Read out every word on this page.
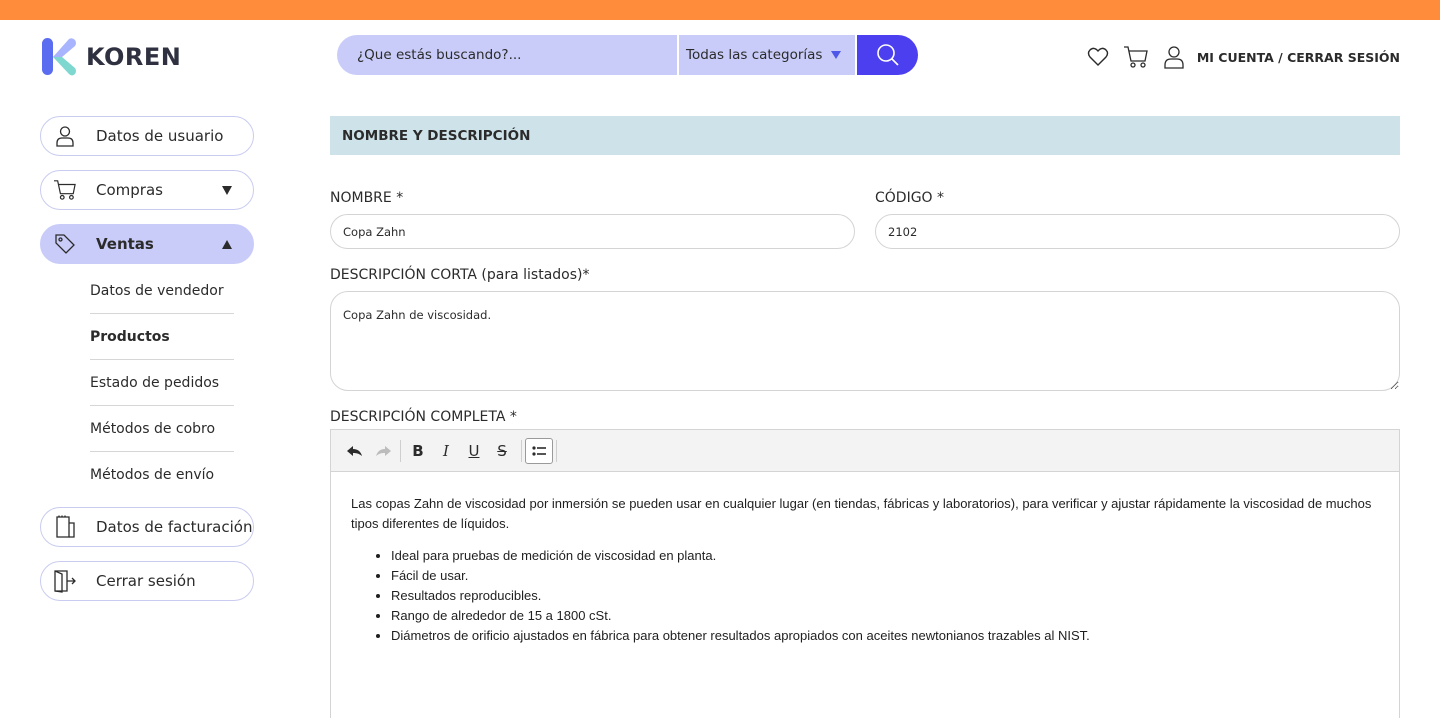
KOREN
¿Que estás buscando?...	Todas las categorías	MI CUENTA / CERRAR SESIÓN
Datos de usuario
Compras
Ventas
Datos de vendedor
Productos
Estado de pedidos
Métodos de cobro
Métodos de envío
Datos de facturación
Cerrar sesión
NOMBRE Y DESCRIPCIÓN
NOMBRE *
Copa Zahn	CÓDIGO *
2102
DESCRIPCIÓN CORTA (para listados)*
Copa Zahn de viscosidad.
DESCRIPCIÓN COMPLETA *
B	I	U	S

Las copas Zahn de viscosidad por inmersión se pueden usar en cualquier lugar (en tiendas, fábricas y laboratorios), para verificar y ajustar rápidamente la viscosidad de muchos tipos diferentes de líquidos.

• Ideal para pruebas de medición de viscosidad en planta.
• Fácil de usar.
• Resultados reproducibles.
• Rango de alrededor de 15 a 1800 cSt.
• Diámetros de orificio ajustados en fábrica para obtener resultados apropiados con aceites newtonianos trazables al NIST.
